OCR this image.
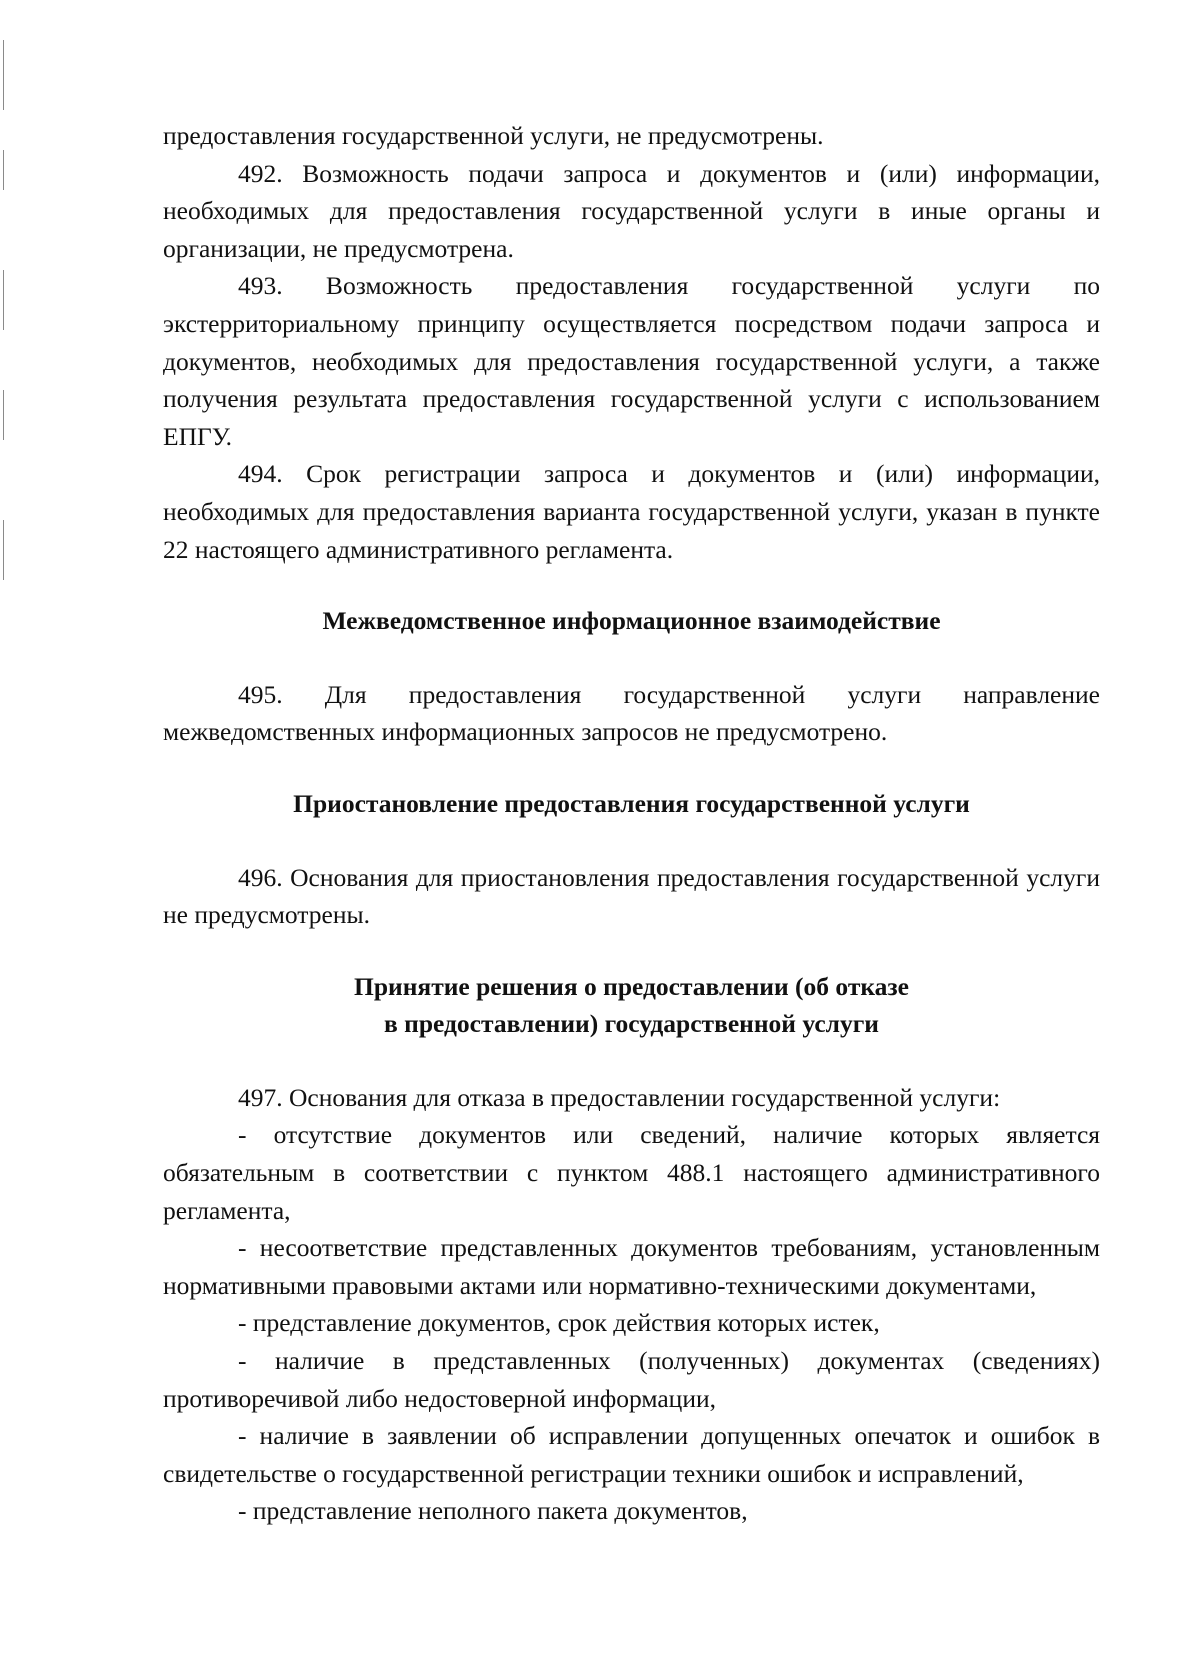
предоставления государственной услуги, не предусмотрены.

492. Возможность подачи запроса и документов и (или) информации, необходимых для предоставления государственной услуги в иные органы и организации, не предусмотрена.

493. Возможность предоставления государственной услуги по экстерриториальному принципу осуществляется посредством подачи запроса и документов, необходимых для предоставления государственной услуги, а также получения результата предоставления государственной услуги с использованием ЕПГУ.

494. Срок регистрации запроса и документов и (или) информации, необходимых для предоставления варианта государственной услуги, указан в пункте 22 настоящего административного регламента.

Межведомственное информационное взаимодействие

495. Для предоставления государственной услуги направление межведомственных информационных запросов не предусмотрено.

Приостановление предоставления государственной услуги

496. Основания для приостановления предоставления государственной услуги не предусмотрены.

Принятие решения о предоставлении (об отказе
в предоставлении) государственной услуги

497. Основания для отказа в предоставлении государственной услуги:

- отсутствие документов или сведений, наличие которых является обязательным в соответствии с пунктом 488.1 настоящего административного регламента,

- несоответствие представленных документов требованиям, установленным нормативными правовыми актами или нормативно-техническими документами,

- представление документов, срок действия которых истек,

- наличие в представленных (полученных) документах (сведениях) противоречивой либо недостоверной информации,

- наличие в заявлении об исправлении допущенных опечаток и ошибок в свидетельстве о государственной регистрации техники ошибок и исправлений,

- представление неполного пакета документов,
